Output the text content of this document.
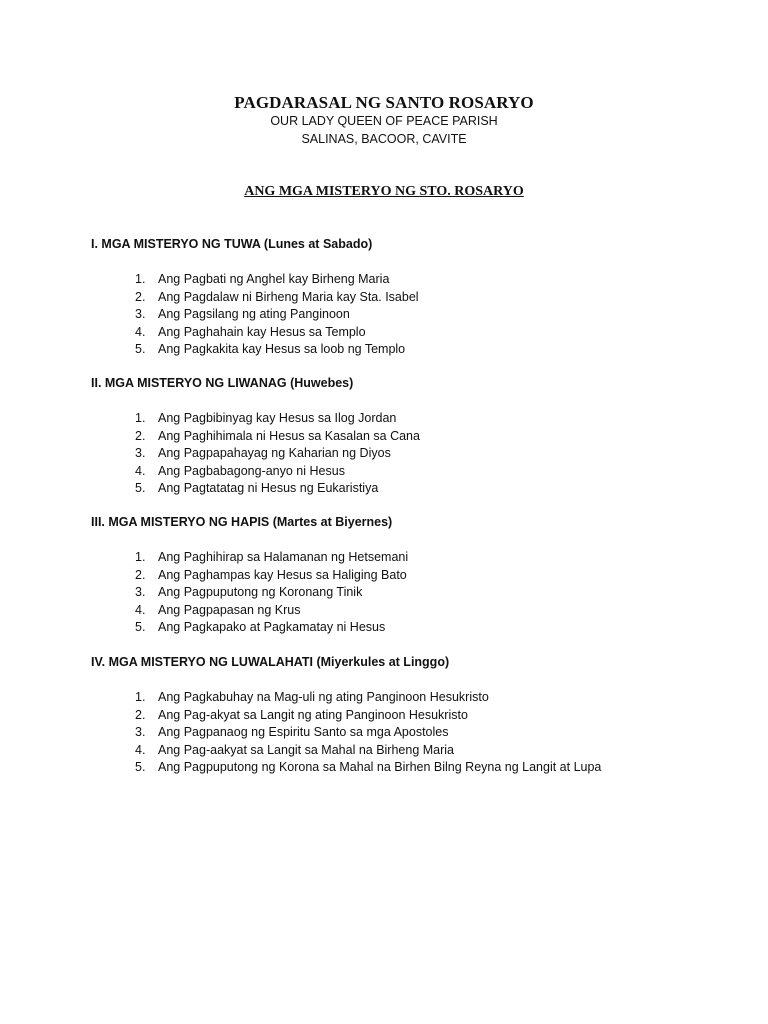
PAGDARASAL NG SANTO ROSARYO
OUR LADY QUEEN OF PEACE PARISH
SALINAS, BACOOR, CAVITE
ANG MGA MISTERYO NG STO. ROSARYO
I. MGA MISTERYO NG TUWA (Lunes at Sabado)
1. Ang Pagbati ng Anghel kay Birheng Maria
2. Ang Pagdalaw ni Birheng Maria kay Sta. Isabel
3. Ang Pagsilang ng ating Panginoon
4. Ang Paghahain kay Hesus sa Templo
5. Ang Pagkakita kay Hesus sa loob ng Templo
II. MGA MISTERYO NG LIWANAG (Huwebes)
1. Ang Pagbibinyag kay Hesus sa Ilog Jordan
2. Ang Paghihimala ni Hesus sa Kasalan sa Cana
3. Ang Pagpapahayag ng Kaharian ng Diyos
4. Ang Pagbabagong-anyo ni Hesus
5. Ang Pagtatatag ni Hesus ng Eukaristiya
III. MGA MISTERYO NG HAPIS (Martes at Biyernes)
1. Ang Paghihirap sa Halamanan ng Hetsemani
2. Ang Paghampas kay Hesus sa Haliging Bato
3. Ang Pagpuputong ng Koronang Tinik
4. Ang Pagpapasan ng Krus
5. Ang Pagkapako at Pagkamatay ni Hesus
IV. MGA MISTERYO NG LUWALAHATI (Miyerkules at Linggo)
1. Ang Pagkabuhay na Mag-uli ng ating Panginoon Hesukristo
2. Ang Pag-akyat sa Langit ng ating Panginoon Hesukristo
3. Ang Pagpanaog ng Espiritu Santo sa mga Apostoles
4. Ang Pag-aakyat sa Langit sa Mahal na Birheng Maria
5. Ang Pagpuputong ng Korona sa Mahal na Birhen Bilng Reyna ng Langit at Lupa
